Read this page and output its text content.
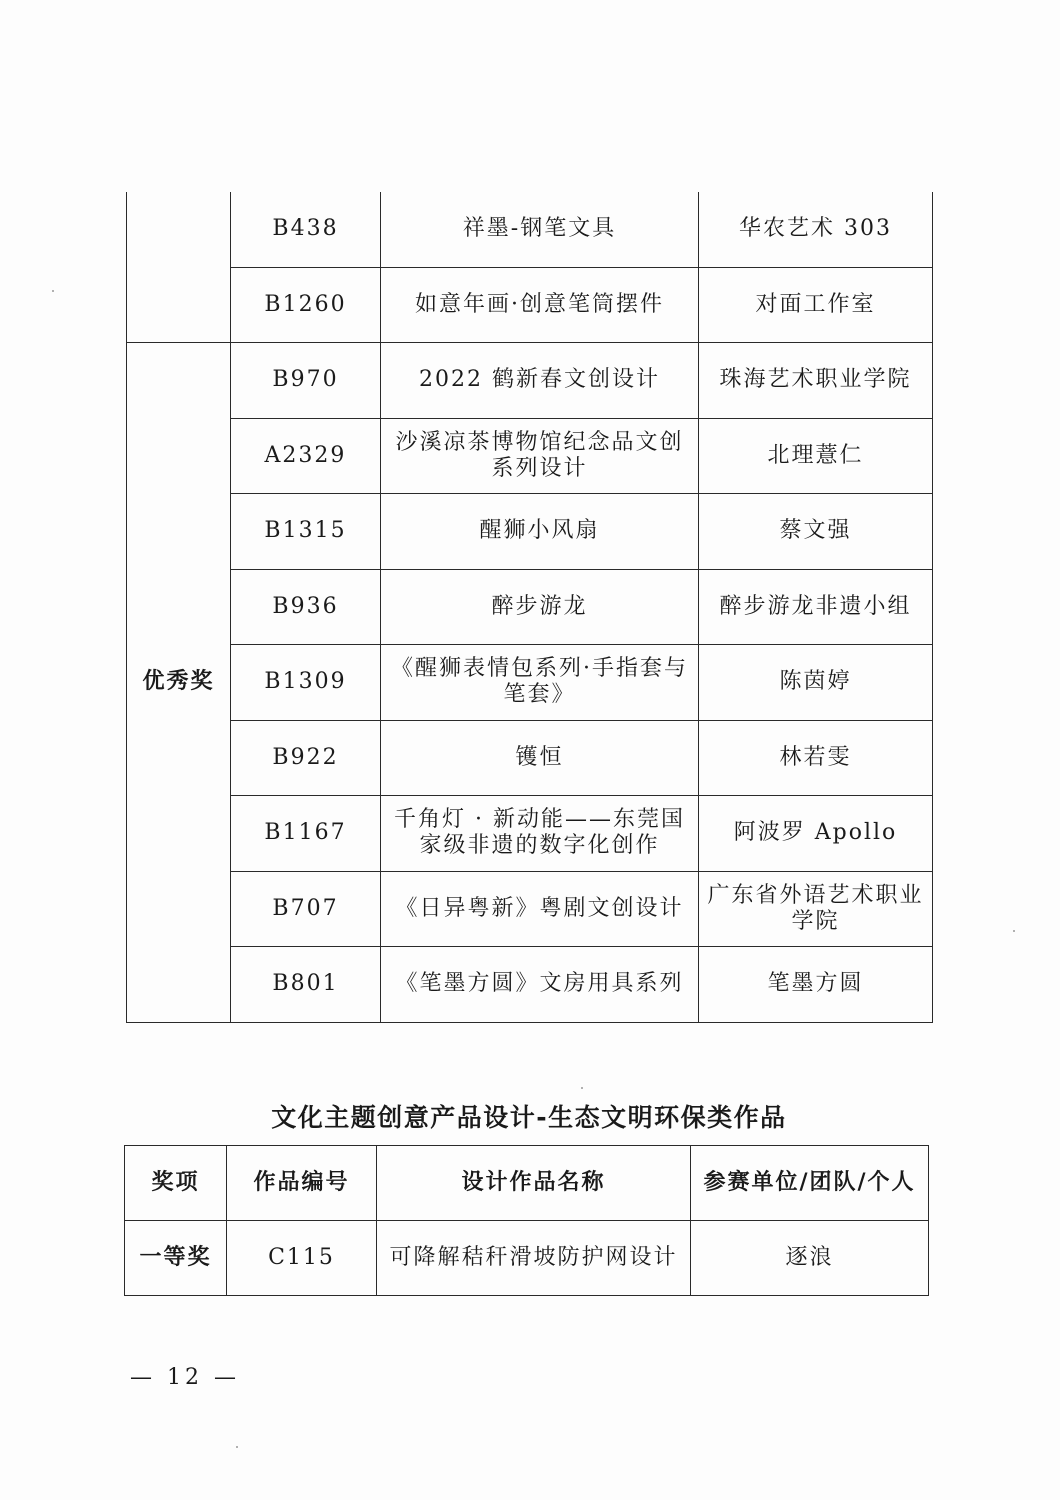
	B438	祥墨-钢笔文具	华农艺术 303
	B1260	如意年画·创意笔筒摆件	对面工作室
优秀奖	B970	2022 鹤新春文创设计	珠海艺术职业学院
	A2329	沙溪凉茶博物馆纪念品文创系列设计	北理薏仁
	B1315	醒狮小风扇	蔡文强
	B936	醉步游龙	醉步游龙非遗小组
	B1309	《醒狮表情包系列·手指套与笔套》	陈茵婷
	B922	镬恒	林若雯
	B1167	千角灯 · 新动能——东莞国家级非遗的数字化创作	阿波罗 Apollo
	B707	《日异粤新》粤剧文创设计	广东省外语艺术职业学院
	B801	《笔墨方圆》文房用具系列	笔墨方圆
文化主题创意产品设计-生态文明环保类作品
奖项	作品编号	设计作品名称	参赛单位/团队/个人
一等奖	C115	可降解秸秆滑坡防护网设计	逐浪
— 12 —
